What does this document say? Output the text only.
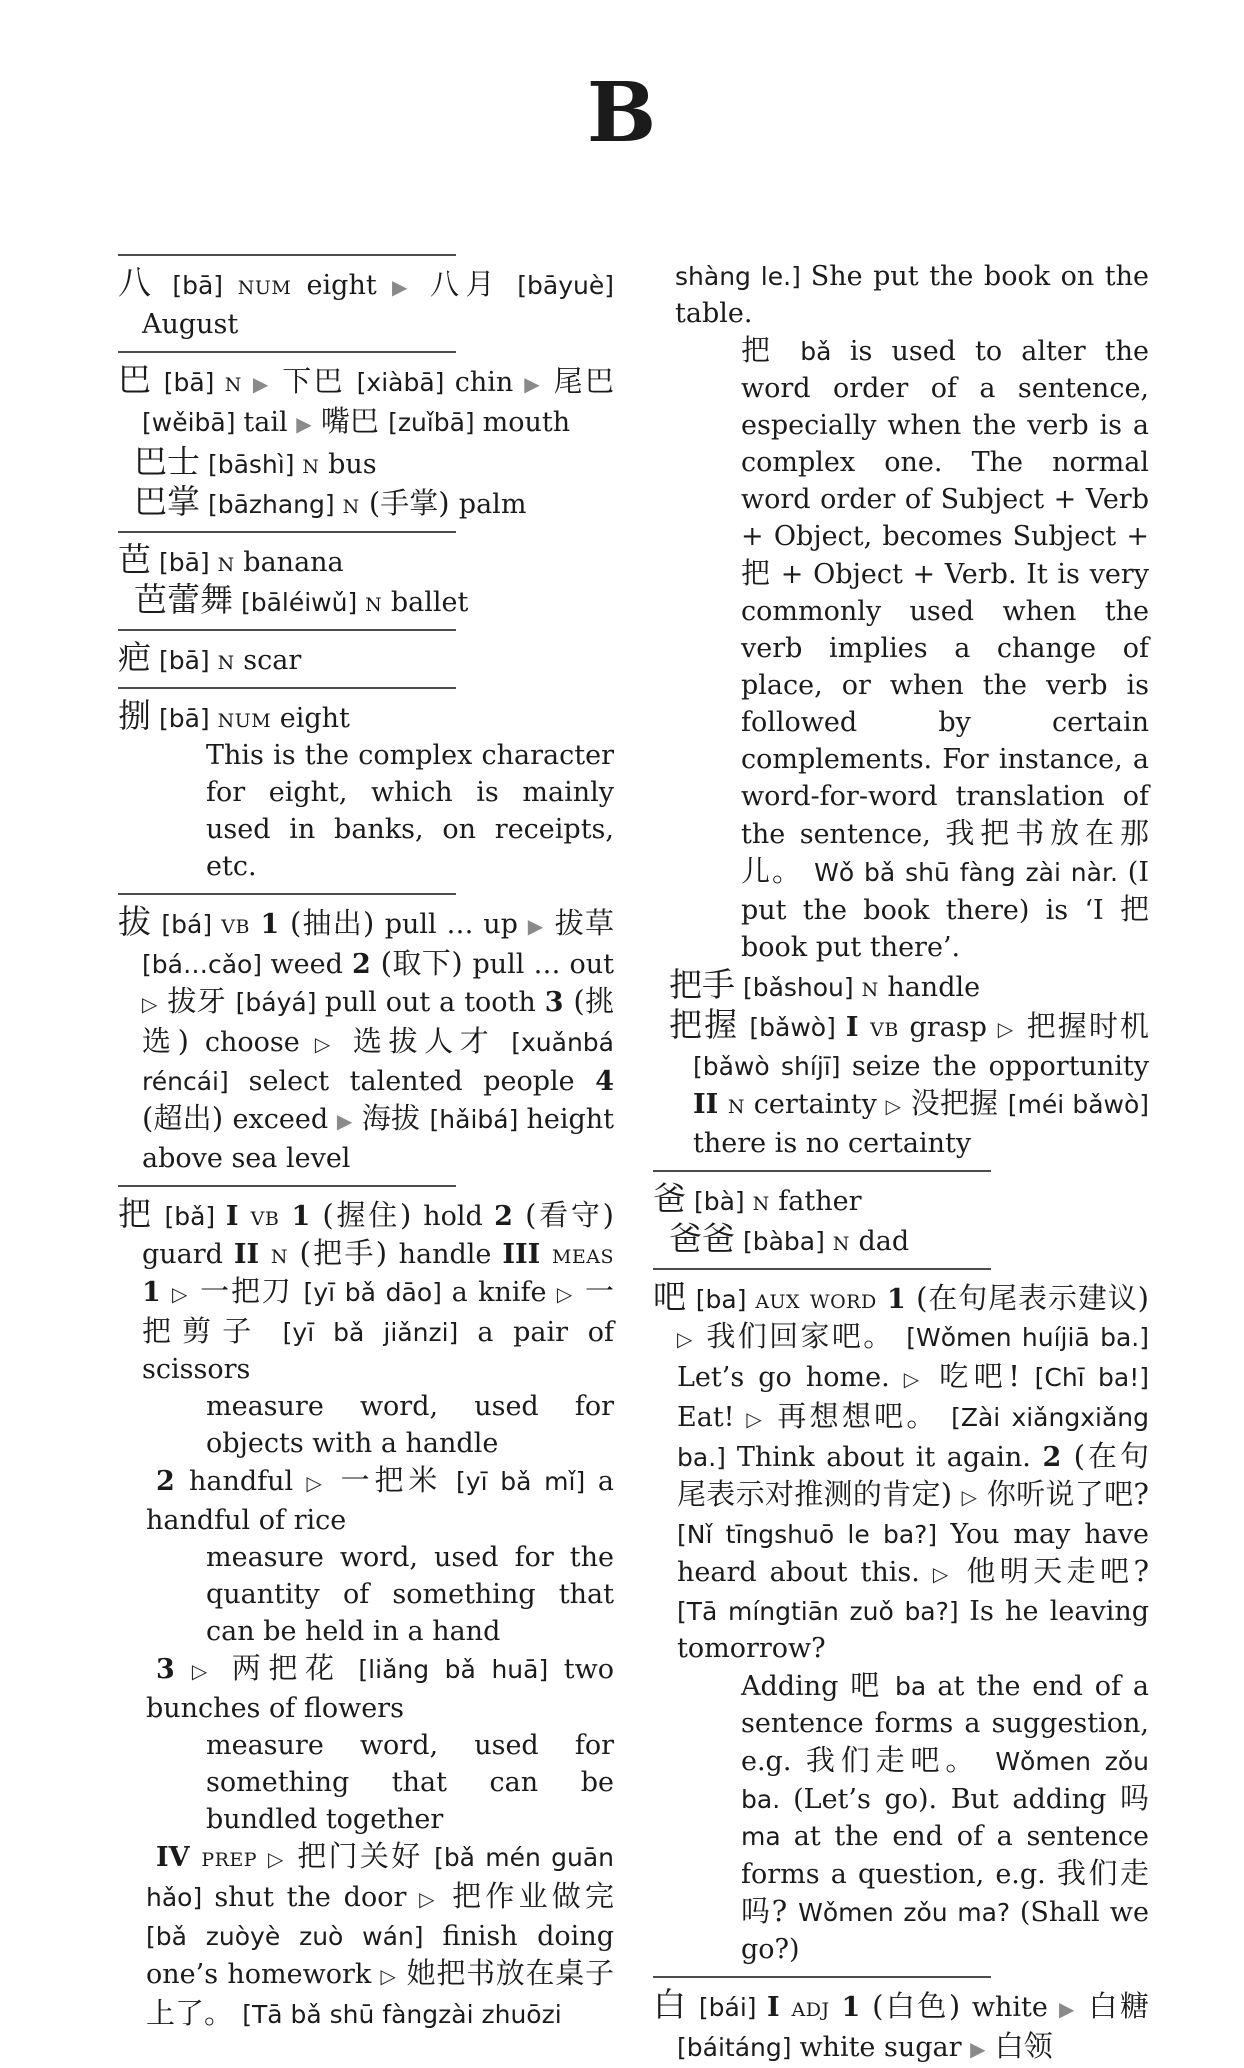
B
八 [bā] num eight ▶ 八月 [bāyuè] August
巴 [bā] n ▶ 下巴 [xiàbā] chin ▶ 尾巴 [wěibā] tail ▶ 嘴巴 [zuǐbā] mouth
巴士 [bāshì] n bus
巴掌 [bāzhang] n (手掌) palm
芭 [bā] n banana
芭蕾舞 [bāléiwǔ] n ballet
疤 [bā] n scar
捌 [bā] num eight
This is the complex character for eight, which is mainly used in banks, on receipts, etc.
拔 [bá] vb 1 (抽出) pull … up ▶ 拔草 [bá…cǎo] weed 2 (取下) pull … out ▷ 拔牙 [báyá] pull out a tooth 3 (挑选) choose ▷ 选拔人才 [xuǎnbá réncái] select talented people 4 (超出) exceed ▶ 海拔 [hǎibá] height above sea level
把 [bǎ] I vb 1 (握住) hold 2 (看守) guard II n (把手) handle III meas 1 ▷ 一把刀 [yī bǎ dāo] a knife ▷ 一把剪子 [yī bǎ jiǎnzi] a pair of scissors
measure word, used for objects with a handle
2 handful ▷ 一把米 [yī bǎ mǐ] a handful of rice
measure word, used for the quantity of something that can be held in a hand
3 ▷ 两把花 [liǎng bǎ huā] two bunches of flowers
measure word, used for something that can be bundled together
IV prep ▷ 把门关好 [bǎ mén guān hǎo] shut the door ▷ 把作业做完 [bǎ zuòyè zuò wán] finish doing one’s homework ▷ 她把书放在桌子上了。 [Tā bǎ shū fàngzài zhuōzi
shàng le.] She put the book on the table.
把 bǎ is used to alter the word order of a sentence, especially when the verb is a complex one. The normal word order of Subject + Verb + Object, becomes Subject + 把 + Object + Verb. It is very commonly used when the verb implies a change of place, or when the verb is followed by certain complements. For instance, a word-for-word translation of the sentence, 我把书放在那儿。 Wǒ bǎ shū fàng zài nàr. (I put the book there) is ‘I 把 book put there’.
把手 [bǎshou] n handle
把握 [bǎwò] I vb grasp ▷ 把握时机 [bǎwò shíjī] seize the opportunity II n certainty ▷ 没把握 [méi bǎwò] there is no certainty
爸 [bà] n father
爸爸 [bàba] n dad
吧 [ba] aux word 1 (在句尾表示建议) ▷ 我们回家吧。 [Wǒmen huíjiā ba.] Let’s go home. ▷ 吃吧! [Chī ba!] Eat! ▷ 再想想吧。 [Zài xiǎngxiǎng ba.] Think about it again. 2 (在句尾表示对推测的肯定) ▷ 你听说了吧? [Nǐ tīngshuō le ba?] You may have heard about this. ▷ 他明天走吧? [Tā míngtiān zuǒ ba?] Is he leaving tomorrow?
Adding 吧 ba at the end of a sentence forms a suggestion, e.g. 我们走吧。 Wǒmen zǒu ba. (Let’s go). But adding 吗 ma at the end of a sentence forms a question, e.g. 我们走吗? Wǒmen zǒu ma? (Shall we go?)
白 [bái] I adj 1 (白色) white ▶ 白糖 [báitáng] white sugar ▶ 白领
